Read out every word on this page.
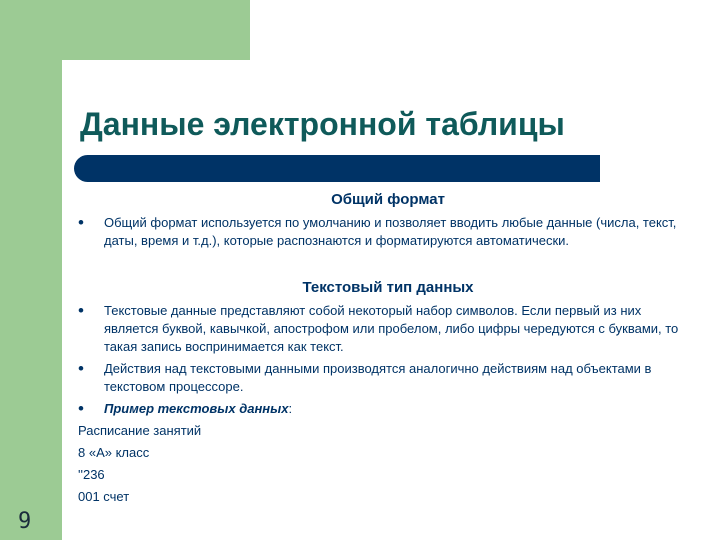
9
Данные электронной таблицы

Общий формат

• Общий формат используется по умолчанию и позволяет вводить любые данные (числа, текст, даты, время и т.д.), которые распознаются и форматируются автоматически.

Текстовый тип данных

• Текстовые данные представляют собой некоторый набор символов. Если первый из них является буквой, кавычкой, апострофом или пробелом, либо цифры чередуются с буквами, то такая запись воспринимается как текст.
• Действия над текстовыми данными производятся аналогично действиям над объектами в текстовом процессоре.
• Пример текстовых данных:
Расписание занятий
8 «А» класс
''236
001 счет
